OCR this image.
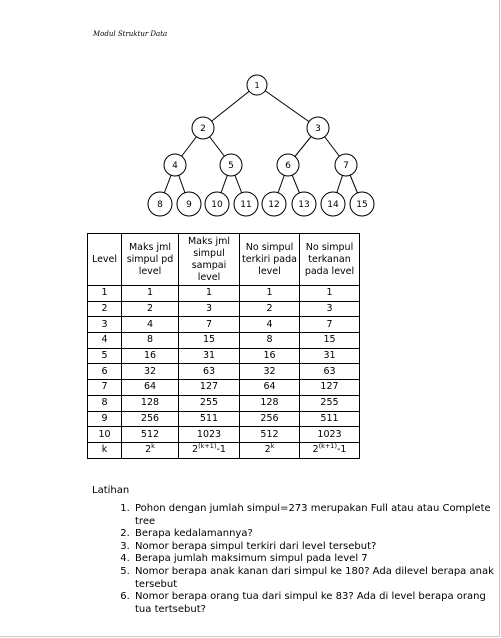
Modul Struktur Data
1
2	3
4	5	6	7
8	9 10 11 12 13 14 15
Level	Maks jml simpul pd level	Maks jml simpul sampai level	No simpul terkiri pada level	No simpul terkanan pada level
1	1	1	1	1
2	2	3	2	3
3	4	7	4	7
4	8	15	8	15
5	16	31	16	31
6	32	63	32	63
7	64	127	64	127
8	128	255	128	255
9	256	511	256	511
10	512	1023	512	1023
k	2$^k$	$2^{(k+1)}-1$	2$^k$	$2^{(k+1)}-1$
Latihan
1. Pohon dengan jumlah simpul=273 merupakan Full atau atau Complete tree
2. Berapa kedalamannya?
3. Nomor berapa simpul terkiri dari level tersebut?
4. Berapa jumlah maksimum simpul pada level 7
5. Nomor berapa anak kanan dari simpul ke 180? Ada dilevel berapa anak tersebut
6. Nomor berapa orang tua dari simpul ke 83? Ada di level berapa orang tua tertsebut?
